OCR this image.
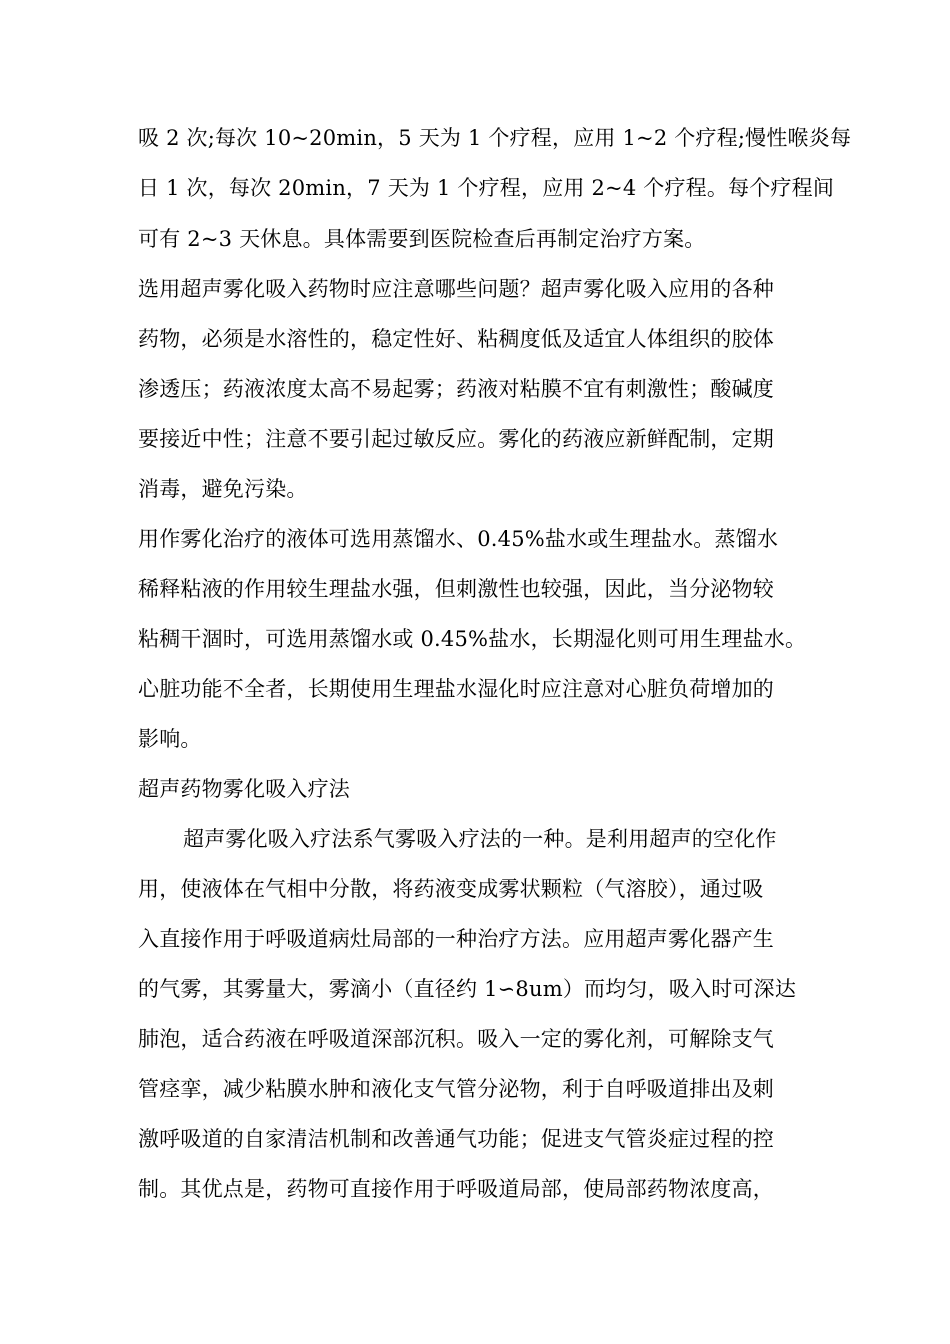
吸 2 次;每次 10~20min，5 天为 1 个疗程，应用 1~2 个疗程;慢性喉炎每
日 1 次，每次 20min，7 天为 1 个疗程，应用 2~4 个疗程。每个疗程间
可有 2~3 天休息。具体需要到医院检查后再制定治疗方案。
选用超声雾化吸入药物时应注意哪些问题？超声雾化吸入应用的各种
药物，必须是水溶性的，稳定性好、粘稠度低及适宜人体组织的胶体
渗透压；药液浓度太高不易起雾；药液对粘膜不宜有刺激性；酸碱度
要接近中性；注意不要引起过敏反应。雾化的药液应新鲜配制，定期
消毒，避免污染。
用作雾化治疗的液体可选用蒸馏水、0.45%盐水或生理盐水。蒸馏水
稀释粘液的作用较生理盐水强，但刺激性也较强，因此，当分泌物较
粘稠干涸时，可选用蒸馏水或 0.45%盐水，长期湿化则可用生理盐水。
心脏功能不全者，长期使用生理盐水湿化时应注意对心脏负荷增加的
影响。
超声药物雾化吸入疗法
超声雾化吸入疗法系气雾吸入疗法的一种。是利用超声的空化作
用，使液体在气相中分散，将药液变成雾状颗粒（气溶胶），通过吸
入直接作用于呼吸道病灶局部的一种治疗方法。应用超声雾化器产生
的气雾，其雾量大，雾滴小（直径约 1∽8um）而均匀，吸入时可深达
肺泡，适合药液在呼吸道深部沉积。吸入一定的雾化剂，可解除支气
管痉挛，减少粘膜水肿和液化支气管分泌物，利于自呼吸道排出及刺
激呼吸道的自家清洁机制和改善通气功能；促进支气管炎症过程的控
制。其优点是，药物可直接作用于呼吸道局部，使局部药物浓度高，
